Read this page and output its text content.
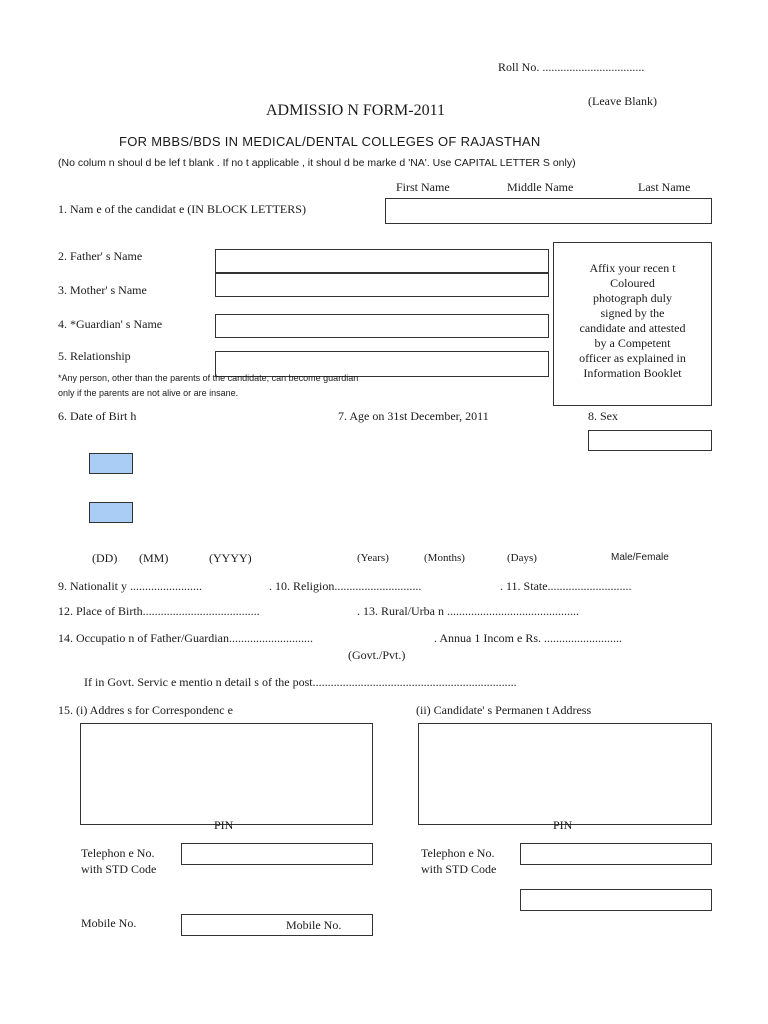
Roll No. ..................................
(Leave Blank)
ADMISSIO N FORM-2011
FOR MBBS/BDS IN MEDICAL/DENTAL COLLEGES OF RAJASTHAN
(No colum n shoul d be lef t blank . If no t applicable , it shoul d be marke d 'NA'. Use CAPITAL LETTER S only)
First Name	Middle Name	Last Name
1. Nam e of the candidat e (IN BLOCK LETTERS)
2. Father' s Name
3. Mother' s Name
4. *Guardian' s Name
5. Relationship
*Any person, other than the parents of the candidate, can become guardian
only if the parents are not alive or are insane.
Affix your recen t
Coloured
photograph duly
signed by the
candidate and attested
by a Competent
officer as explained in
Information Booklet
6. Date of Birt h	7. Age on 31st December, 2011	8. Sex
(DD) (MM)	(YYYY)	(Years)	(Months)	(Days)	Male/Female
9. Nationalit y ........................	. 10. Religion.............................	. 11. State............................
12. Place of Birth.......................................	. 13. Rural/Urba n ............................................
14. Occupatio n of Father/Guardian............................	. Annua 1 Incom e Rs. ..........................
(Govt./Pvt.)
If in Govt. Servic e mentio n detail s of the post....................................................................
15. (i) Addres s for Correspondenc e	(ii) Candidate' s Permanen t Address
PIN	PIN
Telephon e No.
with STD Code
Telephon e No.
with STD Code
Mobile No.	Mobile No.
